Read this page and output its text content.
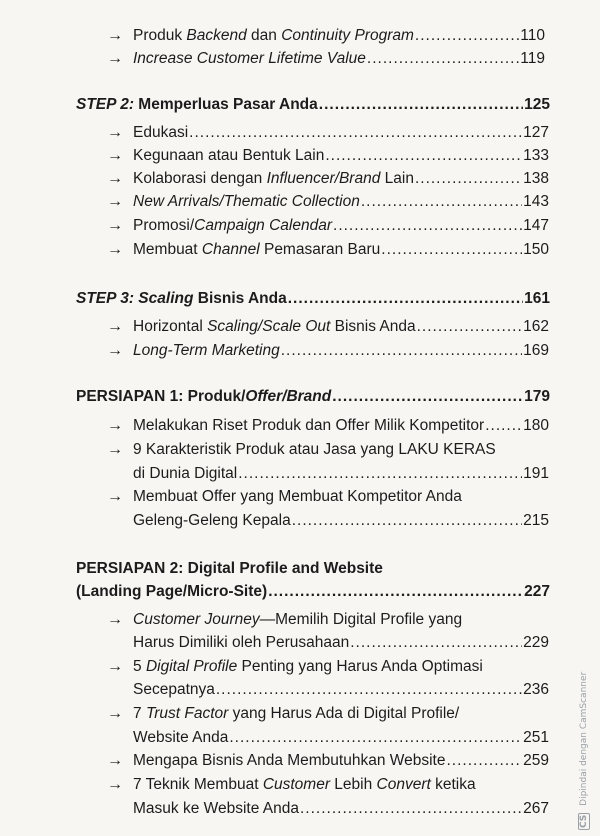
→ Produk Backend dan Continuity Program .....	110
→ Increase Customer Lifetime Value .....	119
STEP 2: Memperluas Pasar Anda .....	125
→ Edukasi .....	127
→ Kegunaan atau Bentuk Lain .....	133
→ Kolaborasi dengan Influencer/Brand Lain .....	138
→ New Arrivals/Thematic Collection .....	143
→ Promosi/Campaign Calendar .....	147
→ Membuat Channel Pemasaran Baru .....	150
STEP 3: Scaling Bisnis Anda .....	161
→ Horizontal Scaling/Scale Out Bisnis Anda .....	162
→ Long-Term Marketing .....	169
PERSIAPAN 1: Produk/Offer/Brand .....	179
→ Melakukan Riset Produk dan Offer Milik Kompetitor .....	180
→ 9 Karakteristik Produk atau Jasa yang LAKU KERAS
di Dunia Digital .....	191
→ Membuat Offer yang Membuat Kompetitor Anda
Geleng-Geleng Kepala .....	215
PERSIAPAN 2: Digital Profile and Website
(Landing Page/Micro-Site) .....	227
→ Customer Journey—Memilih Digital Profile yang
Harus Dimiliki oleh Perusahaan .....	229
→ 5 Digital Profile Penting yang Harus Anda Optimasi
Secepatnya .....	236
→ 7 Trust Factor yang Harus Ada di Digital Profile/
Website Anda .....	251
→ Mengapa Bisnis Anda Membutuhkan Website .....	259
→ 7 Teknik Membuat Customer Lebih Convert ketika
Masuk ke Website Anda .....	267
CS Dipindai dengan CamScanner
